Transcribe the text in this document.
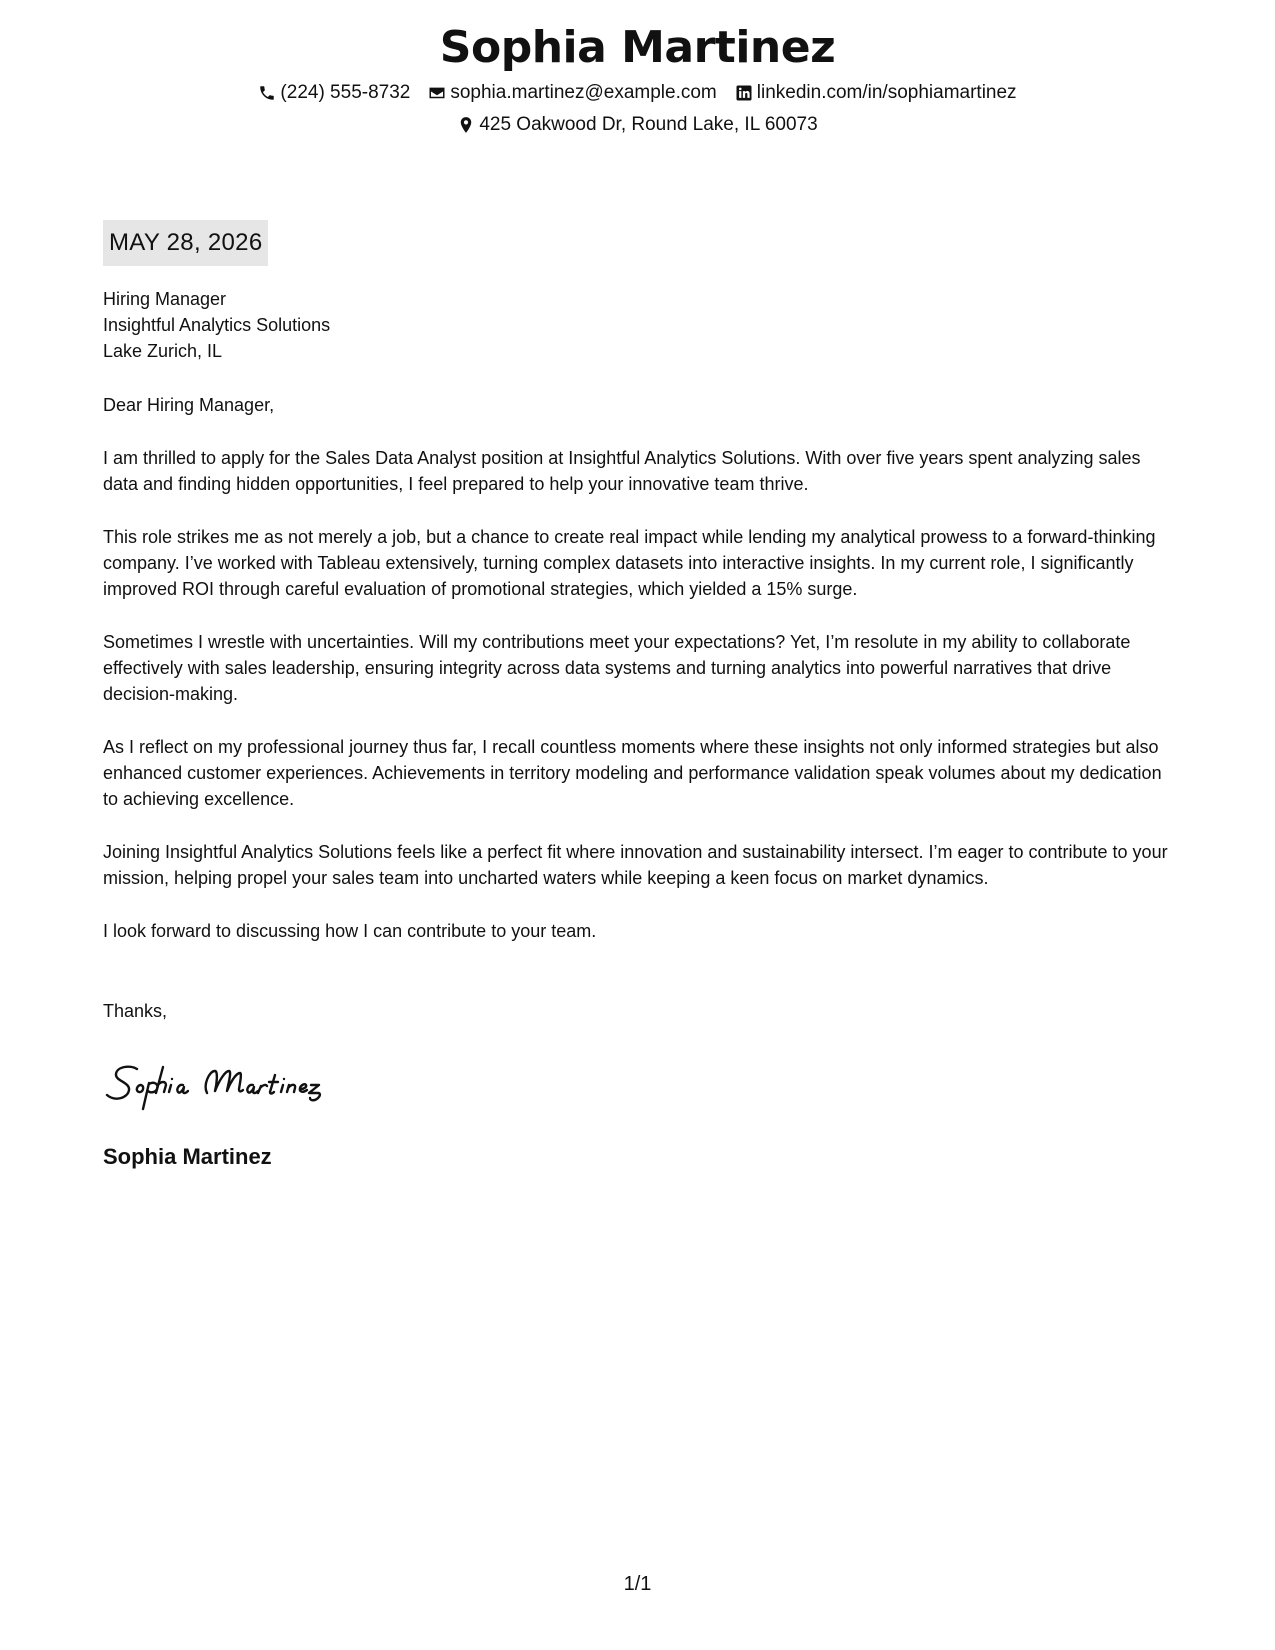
Sophia Martinez
(224) 555-8732 sophia.martinez@example.com linkedin.com/in/sophiamartinez
425 Oakwood Dr, Round Lake, IL 60073
MAY 28, 2026
Hiring Manager
Insightful Analytics Solutions
Lake Zurich, IL
Dear Hiring Manager,
I am thrilled to apply for the Sales Data Analyst position at Insightful Analytics Solutions. With over five years spent analyzing sales data and finding hidden opportunities, I feel prepared to help your innovative team thrive.
This role strikes me as not merely a job, but a chance to create real impact while lending my analytical prowess to a forward-thinking company. I’ve worked with Tableau extensively, turning complex datasets into interactive insights. In my current role, I significantly improved ROI through careful evaluation of promotional strategies, which yielded a 15% surge.
Sometimes I wrestle with uncertainties. Will my contributions meet your expectations? Yet, I’m resolute in my ability to collaborate effectively with sales leadership, ensuring integrity across data systems and turning analytics into powerful narratives that drive decision-making.
As I reflect on my professional journey thus far, I recall countless moments where these insights not only informed strategies but also enhanced customer experiences. Achievements in territory modeling and performance validation speak volumes about my dedication to achieving excellence.
Joining Insightful Analytics Solutions feels like a perfect fit where innovation and sustainability intersect. I’m eager to contribute to your mission, helping propel your sales team into uncharted waters while keeping a keen focus on market dynamics.
I look forward to discussing how I can contribute to your team.
Thanks,
Sophia Martinez
1/1
